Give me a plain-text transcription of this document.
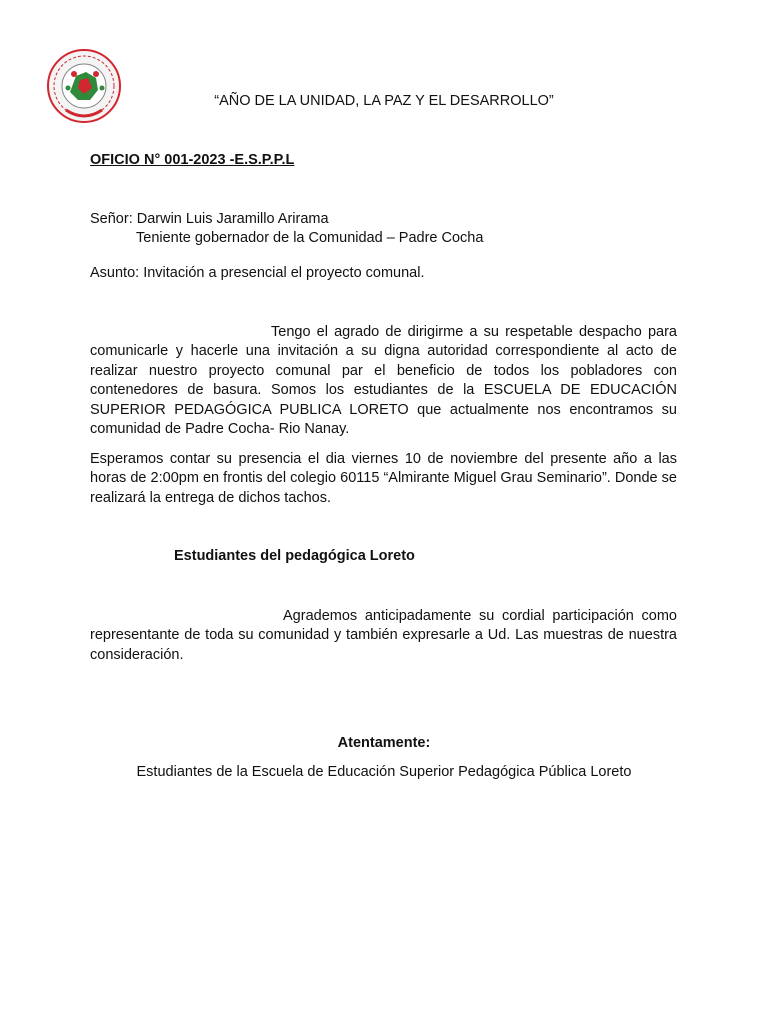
“AÑO DE LA UNIDAD, LA PAZ Y EL DESARROLLO”
OFICIO N° 001-2023 -E.S.P.P.L
Señor: Darwin Luis Jaramillo Arirama
Teniente gobernador de la Comunidad – Padre Cocha
Asunto: Invitación a presencial el proyecto comunal.

Tengo el agrado de dirigirme a su respetable despacho para comunicarle y hacerle una invitación a su digna autoridad correspondiente al acto de realizar nuestro proyecto comunal par el beneficio de todos los pobladores con contenedores de basura. Somos los estudiantes de la ESCUELA DE EDUCACIÓN SUPERIOR PEDAGÓGICA PUBLICA LORETO que actualmente nos encontramos su comunidad de Padre Cocha- Rio Nanay.

Esperamos contar su presencia el dia viernes 10 de noviembre del presente año a las horas de 2:00pm en frontis del colegio 60115 “Almirante Miguel Grau Seminario”. Donde se realizará la entrega de dichos tachos.

Estudiantes del pedagógica Loreto

Agrademos anticipadamente su cordial participación como representante de toda su comunidad y también expresarle a Ud. Las muestras de nuestra consideración.

Atentamente:
Estudiantes de la Escuela de Educación Superior Pedagógica Pública Loreto
